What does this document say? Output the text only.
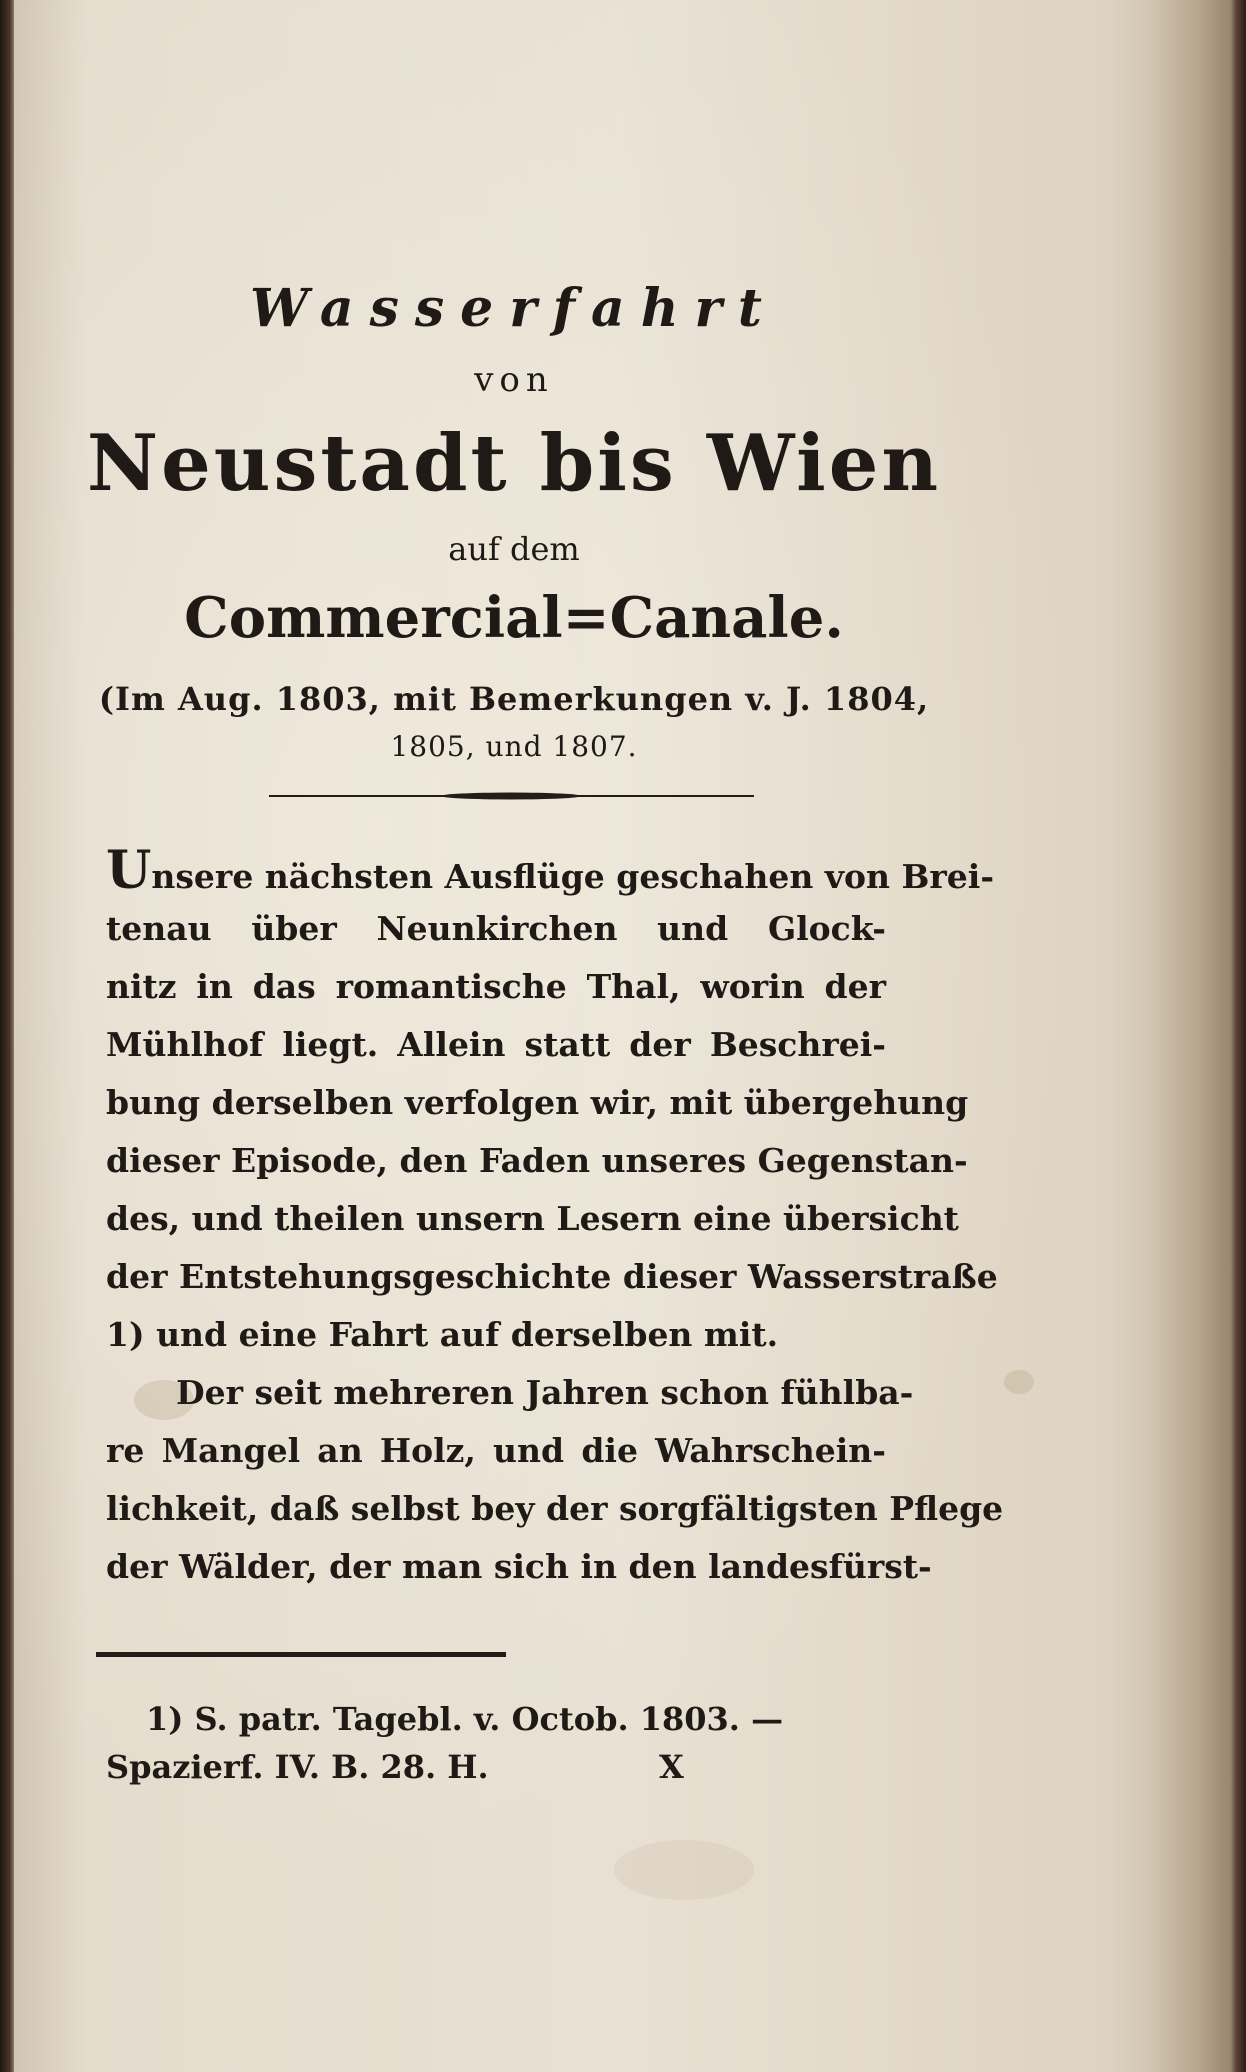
Wasserfahrt
von
Neustadt bis Wien
auf dem
Commercial=Canale.
(Im Aug. 1803, mit Bemerkungen v. J. 1804,
1805, und 1807.
Unsere nächsten Ausflüge geschahen von Brei-
tenau über Neunkirchen und Glock-
nitz in das romantische Thal, worin der
Mühlhof liegt. Allein statt der Beschrei-
bung derselben verfolgen wir, mit übergehung
dieser Episode, den Faden unseres Gegenstan-
des, und theilen unsern Lesern eine übersicht
der Entstehungsgeschichte dieser Wasserstraße
1) und eine Fahrt auf derselben mit.
Der seit mehreren Jahren schon fühlba-
re Mangel an Holz, und die Wahrschein-
lichkeit, daß selbst bey der sorgfältigsten Pflege
der Wälder, der man sich in den landesfürst-
1) S. patr. Tagebl. v. Octob. 1803. —
Spazierf. IV. B. 28. H.	X
